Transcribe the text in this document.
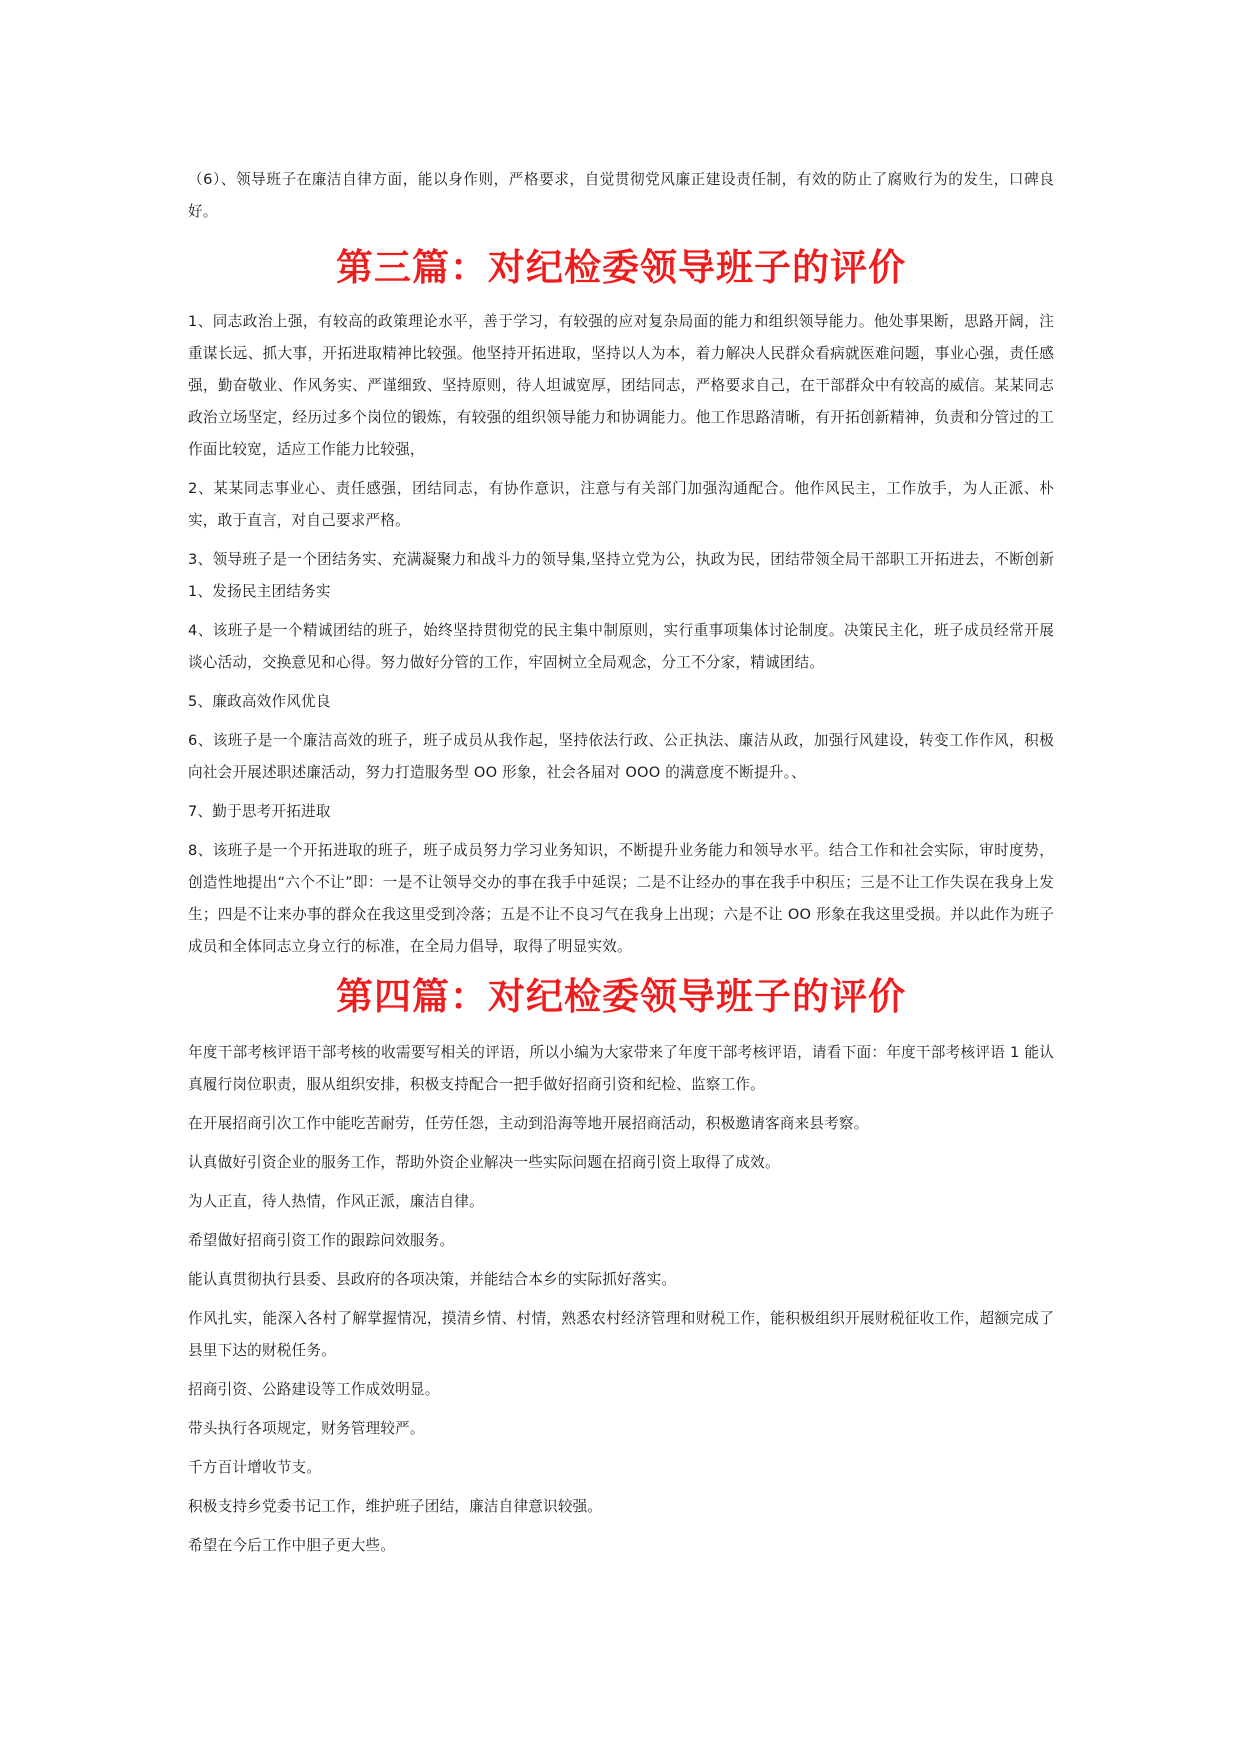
（6）、领导班子在廉洁自律方面，能以身作则，严格要求，自觉贯彻党风廉正建设责任制，有效的防止了腐败行为的发生，口碑良好。

第三篇：对纪检委领导班子的评价

1、同志政治上强，有较高的政策理论水平，善于学习，有较强的应对复杂局面的能力和组织领导能力。他处事果断，思路开阔，注重谋长远、抓大事，开拓进取精神比较强。他坚持开拓进取，坚持以人为本，着力解决人民群众看病就医难问题，事业心强，责任感强，勤奋敬业、作风务实、严谨细致、坚持原则，待人坦诚宽厚，团结同志，严格要求自己，在干部群众中有较高的威信。某某同志政治立场坚定，经历过多个岗位的锻炼，有较强的组织领导能力和协调能力。他工作思路清晰，有开拓创新精神，负责和分管过的工作面比较宽，适应工作能力比较强，

2、某某同志事业心、责任感强，团结同志，有协作意识，注意与有关部门加强沟通配合。他作风民主，工作放手，为人正派、朴实，敢于直言，对自己要求严格。

3、领导班子是一个团结务实、充满凝聚力和战斗力的领导集,坚持立党为公，执政为民，团结带领全局干部职工开拓进去，不断创新 1、发扬民主团结务实

4、该班子是一个精诚团结的班子，始终坚持贯彻党的民主集中制原则，实行重事项集体讨论制度。决策民主化，班子成员经常开展谈心活动，交换意见和心得。努力做好分管的工作，牢固树立全局观念，分工不分家，精诚团结。

5、廉政高效作风优良

6、该班子是一个廉洁高效的班子，班子成员从我作起，坚持依法行政、公正执法、廉洁从政，加强行风建设，转变工作作风，积极向社会开展述职述廉活动，努力打造服务型 OO 形象，社会各届对 OOO 的满意度不断提升。、

7、勤于思考开拓进取

8、该班子是一个开拓进取的班子，班子成员努力学习业务知识，不断提升业务能力和领导水平。结合工作和社会实际，审时度势，创造性地提出“六个不让”即：一是不让领导交办的事在我手中延误；二是不让经办的事在我手中积压；三是不让工作失误在我身上发生；四是不让来办事的群众在我这里受到冷落；五是不让不良习气在我身上出现；六是不让 OO 形象在我这里受损。并以此作为班子成员和全体同志立身立行的标准，在全局力倡导，取得了明显实效。

第四篇：对纪检委领导班子的评价

年度干部考核评语干部考核的收需要写相关的评语，所以小编为大家带来了年度干部考核评语，请看下面：年度干部考核评语 1 能认真履行岗位职责，服从组织安排，积极支持配合一把手做好招商引资和纪检、监察工作。

在开展招商引次工作中能吃苦耐劳，任劳任怨，主动到沿海等地开展招商活动，积极邀请客商来县考察。

认真做好引资企业的服务工作，帮助外资企业解决一些实际问题在招商引资上取得了成效。

为人正直，待人热情，作风正派，廉洁自律。

希望做好招商引资工作的跟踪问效服务。

能认真贯彻执行县委、县政府的各项决策，并能结合本乡的实际抓好落实。

作风扎实，能深入各村了解掌握情况，摸清乡情、村情，熟悉农村经济管理和财税工作，能积极组织开展财税征收工作，超额完成了县里下达的财税任务。

招商引资、公路建设等工作成效明显。

带头执行各项规定，财务管理较严。

千方百计增收节支。

积极支持乡党委书记工作，维护班子团结，廉洁自律意识较强。

希望在今后工作中胆子更大些。
